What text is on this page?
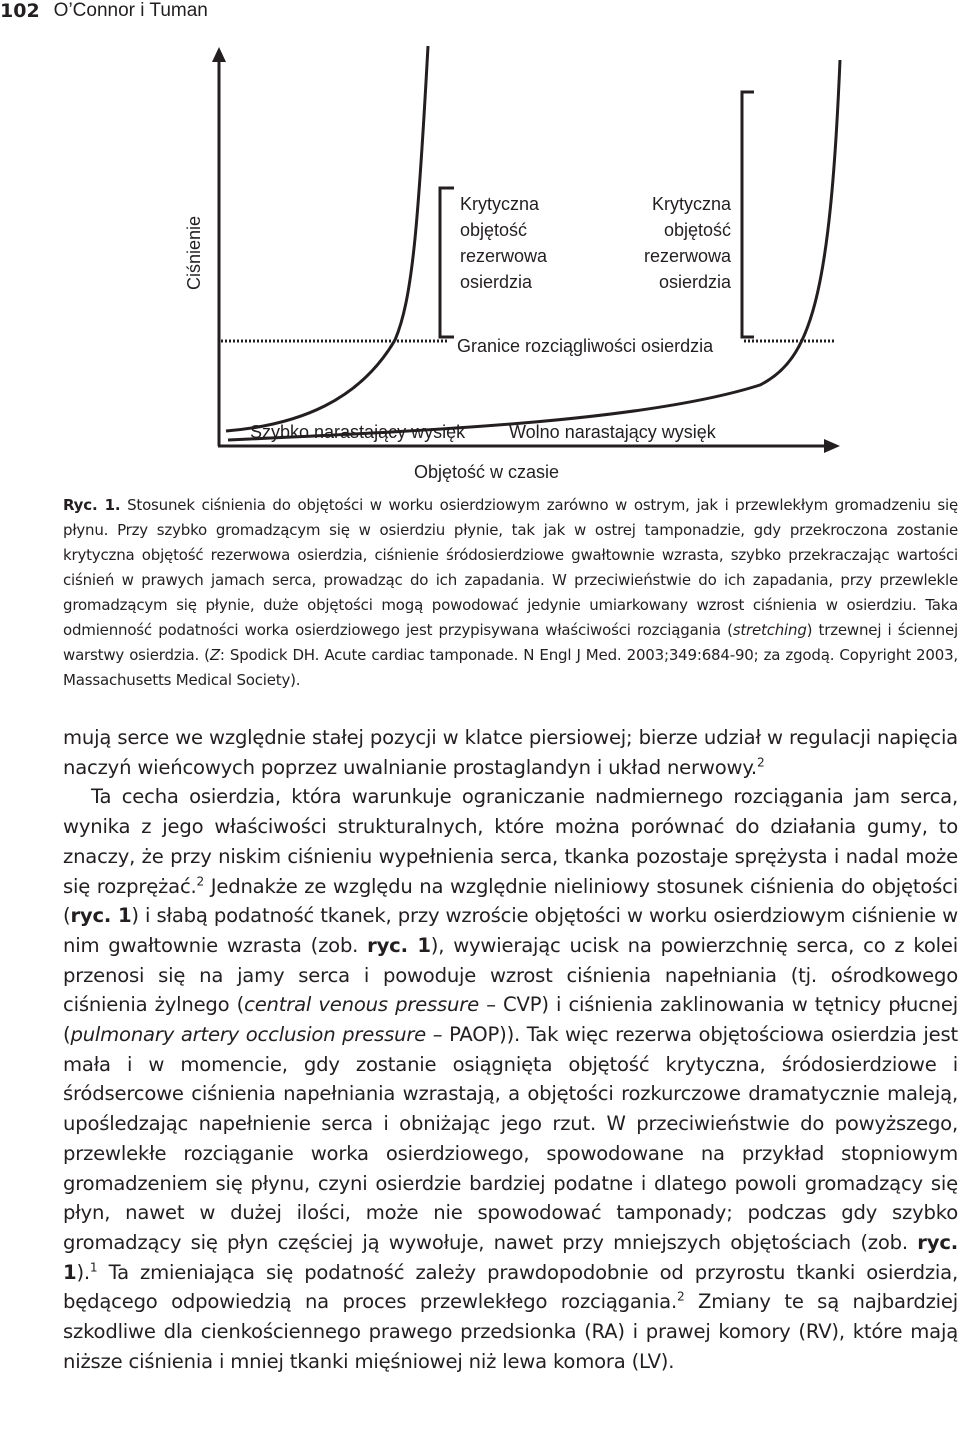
102 O’Connor i Tuman
Ciśnienie
Krytyczna
objętość
rezerwowa
osierdzia
Krytyczna
objętość
rezerwowa
osierdzia
Granice rozciągliwości osierdzia
Szybko narastający wysięk Wolno narastający wysięk
Objętość w czasie
Ryc. 1. Stosunek ciśnienia do objętości w worku osierdziowym zarówno w ostrym, jak i przewlekłym gromadzeniu się płynu. Przy szybko gromadzącym się w osierdziu płynie, tak jak w ostrej tamponadzie, gdy przekroczona zostanie krytyczna objętość rezerwowa osierdzia, ciśnienie śródosierdziowe gwałtownie wzrasta, szybko przekraczając wartości ciśnień w prawych jamach serca, prowadząc do ich zapadania. W przeciwieństwie do ich zapadania, przy przewlekle gromadzącym się płynie, duże objętości mogą powodować jedynie umiarkowany wzrost ciśnienia w osierdziu. Taka odmienność podatności worka osierdziowego jest przypisywana właściwości rozciągania (stretching) trzewnej i ściennej warstwy osierdzia. (Z: Spodick DH. Acute cardiac tamponade. N Engl J Med. 2003;349:684-90; za zgodą. Copyright 2003, Massachusetts Medical Society).

mują serce we względnie stałej pozycji w klatce piersiowej; bierze udział w regulacji napięcia naczyń wieńcowych poprzez uwalnianie prostaglandyn i układ nerwowy.$^2$

Ta cecha osierdzia, która warunkuje ograniczanie nadmiernego rozciągania jam serca, wynika z jego właściwości strukturalnych, które można porównać do działania gumy, to znaczy, że przy niskim ciśnieniu wypełnienia serca, tkanka pozostaje sprężysta i nadal może się rozprężać.$^2$ Jednakże ze względu na względnie nieliniowy stosunek ciśnienia do objętości (ryc. 1) i słabą podatność tkanek, przy wzroście objętości w worku osierdziowym ciśnienie w nim gwałtownie wzrasta (zob. ryc. 1), wywierając ucisk na powierzchnię serca, co z kolei przenosi się na jamy serca i powoduje wzrost ciśnienia napełniania (tj. ośrodkowego ciśnienia żylnego (central venous pressure – CVP) i ciśnienia zaklinowania w tętnicy płucnej (pulmonary artery occlusion pressure – PAOP)). Tak więc rezerwa objętościowa osierdzia jest mała i w momencie, gdy zostanie osiągnięta objętość krytyczna, śródosierdziowe i śródsercowe ciśnienia napełniania wzrastają, a objętości rozkurczowe dramatycznie maleją, upośledzając napełnienie serca i obniżając jego rzut. W przeciwieństwie do powyższego, przewlekłe rozciąganie worka osierdziowego, spowodowane na przykład stopniowym gromadzeniem się płynu, czyni osierdzie bardziej podatne i dlatego powoli gromadzący się płyn, nawet w dużej ilości, może nie spowodować tamponady; podczas gdy szybko gromadzący się płyn częściej ją wywołuje, nawet przy mniejszych objętościach (zob. ryc. 1).$^1$ Ta zmieniająca się podatność zależy prawdopodobnie od przyrostu tkanki osierdzia, będącego odpowiedzią na proces przewlekłego rozciągania.$^2$ Zmiany te są najbardziej szkodliwe dla cienkościennego prawego przedsionka (RA) i prawej komory (RV), które mają niższe ciśnienia i mniej tkanki mięśniowej niż lewa komora (LV).
